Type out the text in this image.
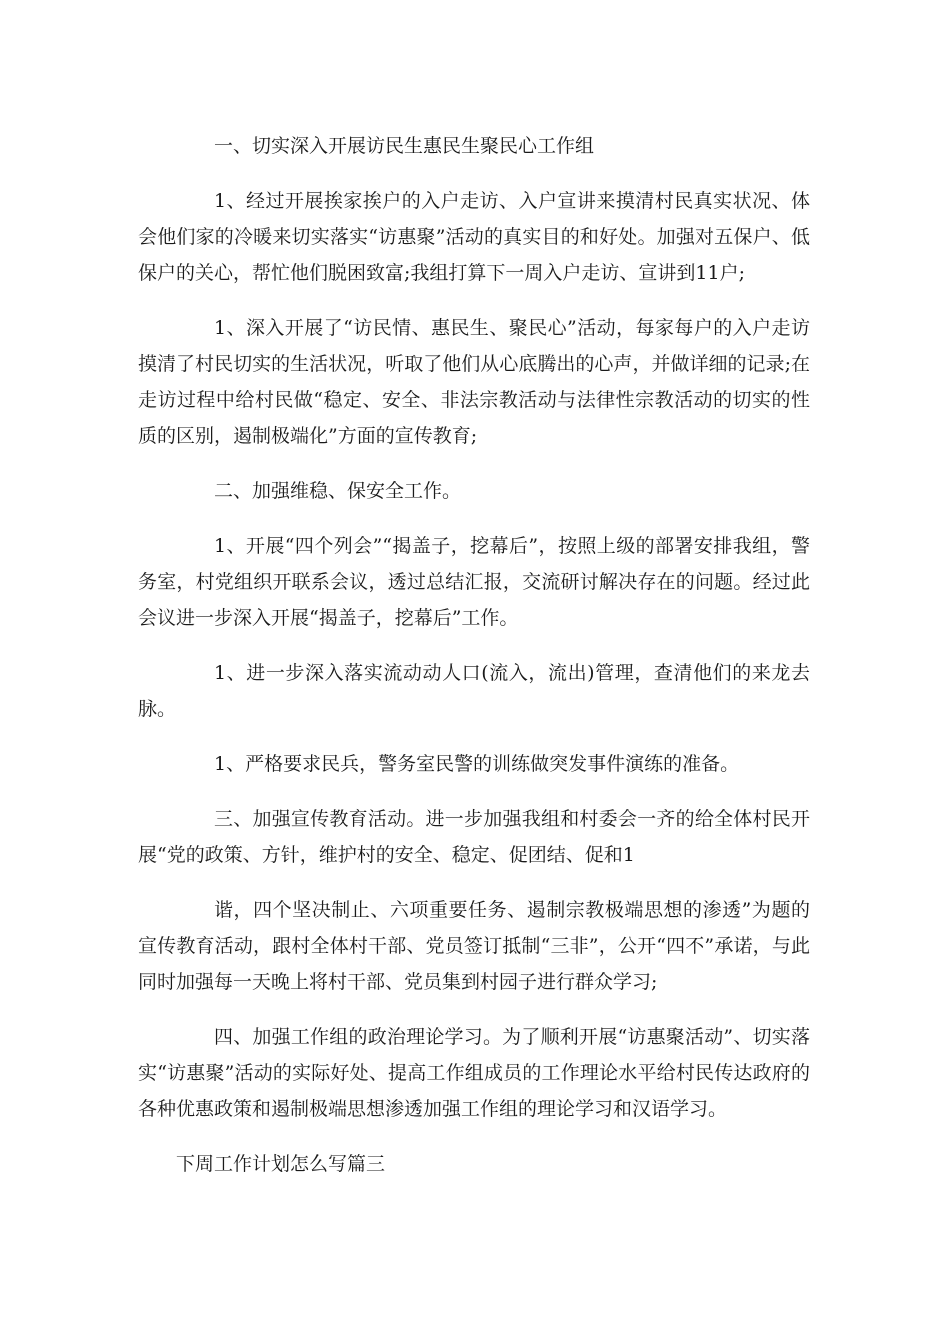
一、切实深入开展访民生惠民生聚民心工作组

1、经过开展挨家挨户的入户走访、入户宣讲来摸清村民真实状况、体会他们家的冷暖来切实落实“访惠聚”活动的真实目的和好处。加强对五保户、低保户的关心，帮忙他们脱困致富;我组打算下一周入户走访、宣讲到11户;

1、深入开展了“访民情、惠民生、聚民心”活动，每家每户的入户走访摸清了村民切实的生活状况，听取了他们从心底腾出的心声，并做详细的记录;在走访过程中给村民做“稳定、安全、非法宗教活动与法律性宗教活动的切实的性质的区别，遏制极端化”方面的宣传教育;

二、加强维稳、保安全工作。

1、开展“四个列会”“揭盖子，挖幕后”，按照上级的部署安排我组，警务室，村党组织开联系会议，透过总结汇报，交流研讨解决存在的问题。经过此会议进一步深入开展“揭盖子，挖幕后”工作。

1、进一步深入落实流动动人口(流入，流出)管理，查清他们的来龙去脉。

1、严格要求民兵，警务室民警的训练做突发事件演练的准备。

三、加强宣传教育活动。进一步加强我组和村委会一齐的给全体村民开展“党的政策、方针，维护村的安全、稳定、促团结、促和1

谐，四个坚决制止、六项重要任务、遏制宗教极端思想的渗透”为题的宣传教育活动，跟村全体村干部、党员签订抵制“三非”，公开“四不”承诺，与此同时加强每一天晚上将村干部、党员集到村园子进行群众学习;

四、加强工作组的政治理论学习。为了顺利开展“访惠聚活动”、切实落实“访惠聚”活动的实际好处、提高工作组成员的工作理论水平给村民传达政府的各种优惠政策和遏制极端思想渗透加强工作组的理论学习和汉语学习。

下周工作计划怎么写篇三
